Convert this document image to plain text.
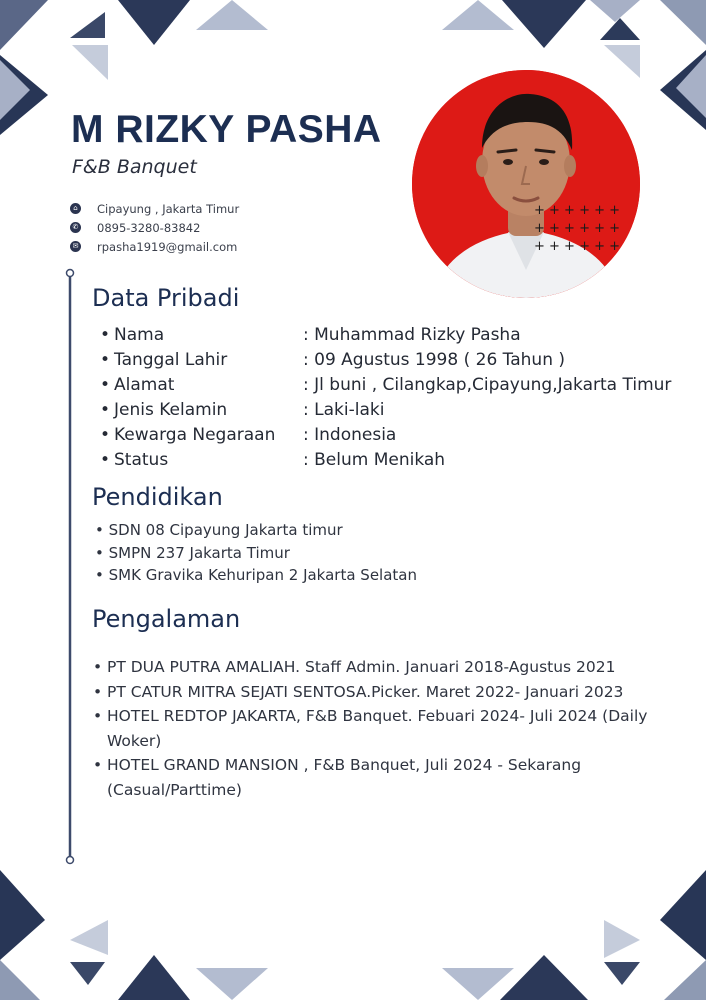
M RIZKY PASHA
F&B Banquet
⌂ Cipayung , Jakarta Timur
✆ 0895-3280-83842
✉ rpasha1919@gmail.com
+ + + + + +
+ + + + + +
+ + + + + +
Data Pribadi
• Nama	: Muhammad Rizky Pasha
• Tanggal Lahir	: 09 Agustus 1998 ( 26 Tahun )
• Alamat	: Jl buni , Cilangkap,Cipayung,Jakarta Timur
• Jenis Kelamin	: Laki-laki
• Kewarga Negaraan : Indonesia
• Status	: Belum Menikah
Pendidikan
• SDN 08 Cipayung Jakarta timur
• SMPN 237 Jakarta Timur
• SMK Gravika Kehuripan 2 Jakarta Selatan
Pengalaman
• PT DUA PUTRA AMALIAH. Staff Admin. Januari 2018-Agustus 2021
• PT CATUR MITRA SEJATI SENTOSA.Picker. Maret 2022- Januari 2023
• HOTEL REDTOP JAKARTA, F&B Banquet. Febuari 2024- Juli 2024 (Daily Woker)
• HOTEL GRAND MANSION , F&B Banquet, Juli 2024 - Sekarang (Casual/Parttime)
